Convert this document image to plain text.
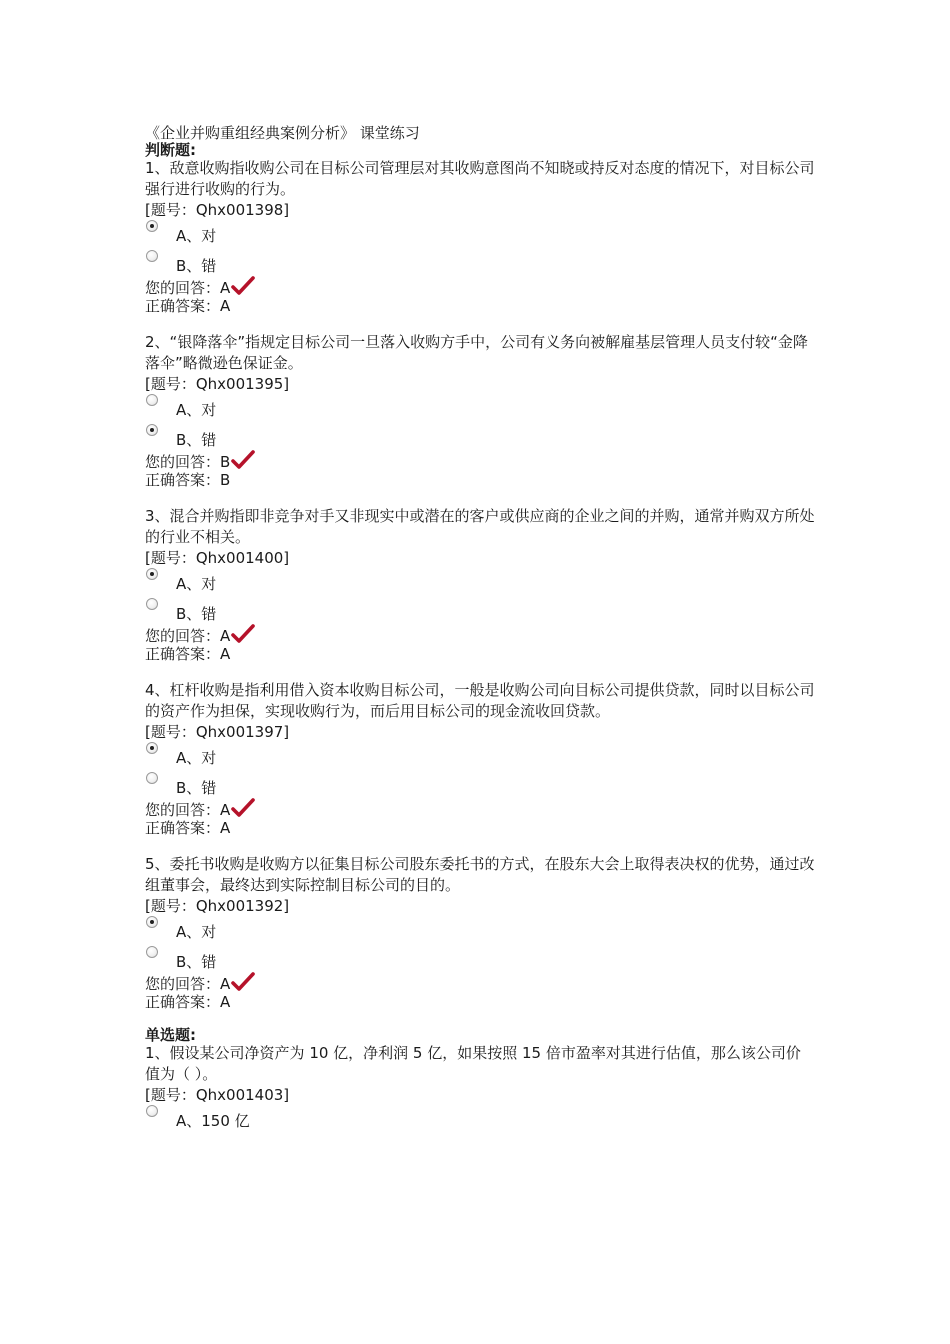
《企业并购重组经典案例分析》 课堂练习
判断题:
1、敌意收购指收购公司在目标公司管理层对其收购意图尚不知晓或持反对态度的情况下，对目标公司强行进行收购的行为。
[题号：Qhx001398]
A、对
B、错
您的回答：A
正确答案：A
2、“银降落伞”指规定目标公司一旦落入收购方手中，公司有义务向被解雇基层管理人员支付较“金降落伞”略微逊色保证金。
[题号：Qhx001395]
A、对
B、错
您的回答：B
正确答案：B
3、混合并购指即非竞争对手又非现实中或潜在的客户或供应商的企业之间的并购，通常并购双方所处的行业不相关。
[题号：Qhx001400]
A、对
B、错
您的回答：A
正确答案：A
4、杠杆收购是指利用借入资本收购目标公司，一般是收购公司向目标公司提供贷款，同时以目标公司的资产作为担保，实现收购行为，而后用目标公司的现金流收回贷款。
[题号：Qhx001397]
A、对
B、错
您的回答：A
正确答案：A
5、委托书收购是收购方以征集目标公司股东委托书的方式，在股东大会上取得表决权的优势，通过改组董事会，最终达到实际控制目标公司的目的。
[题号：Qhx001392]
A、对
B、错
您的回答：A
正确答案：A
单选题:
1、假设某公司净资产为 10 亿，净利润 5 亿，如果按照 15 倍市盈率对其进行估值，那么该公司价值为（ ）。
[题号：Qhx001403]
A、150 亿
